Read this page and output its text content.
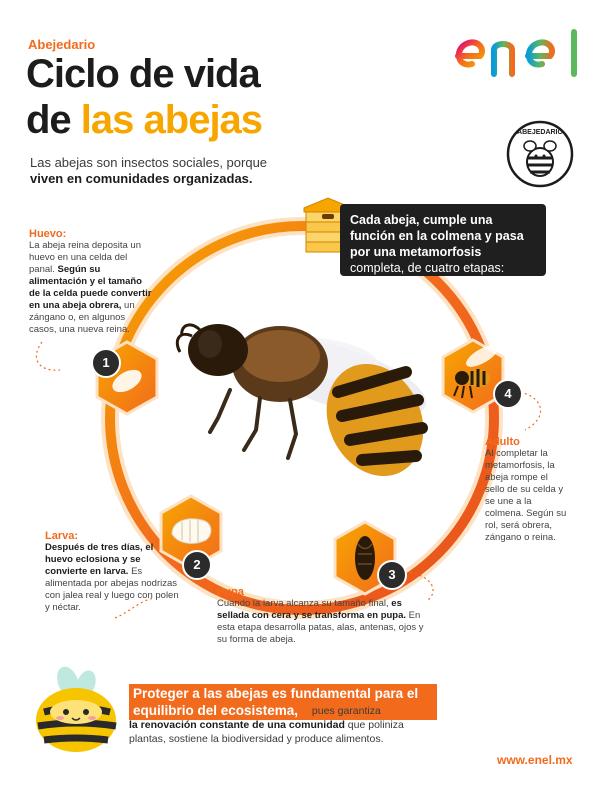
Abejedario
Ciclo de vida
de las abejas	ABEJEDARIO
Las abejas son insectos sociales, porque
viven en comunidades organizadas.
Cada abeja, cumple una función en la colmena y pasa por una metamorfosis completa, de cuatro etapas:
1
2
3
4
Huevo:
La abeja reina deposita un huevo en una celda del panal. Según su alimentación y el tamaño de la celda puede convertir en una abeja obrera, un zángano o, en algunos casos, una nueva reina.
Larva:
Después de tres días, el huevo eclosiona y se convierte en larva. Es alimentada por abejas nodrizas con jalea real y luego con polen y néctar.
Pupa
Cuando la larva alcanza su tamaño final, es sellada con cera y se transforma en pupa. En esta etapa desarrolla patas, alas, antenas, ojos y su forma de abeja.
Adulto
Al completar la metamorfosis, la abeja rompe el sello de su celda y se une a la colmena. Según su rol, será obrera, zángano o reina.
Proteger a las abejas es fundamental para el equilibrio del ecosistema,	pues garantiza
la renovación constante de una comunidad que poliniza plantas, sostiene la biodiversidad y produce alimentos.
www.enel.mx
